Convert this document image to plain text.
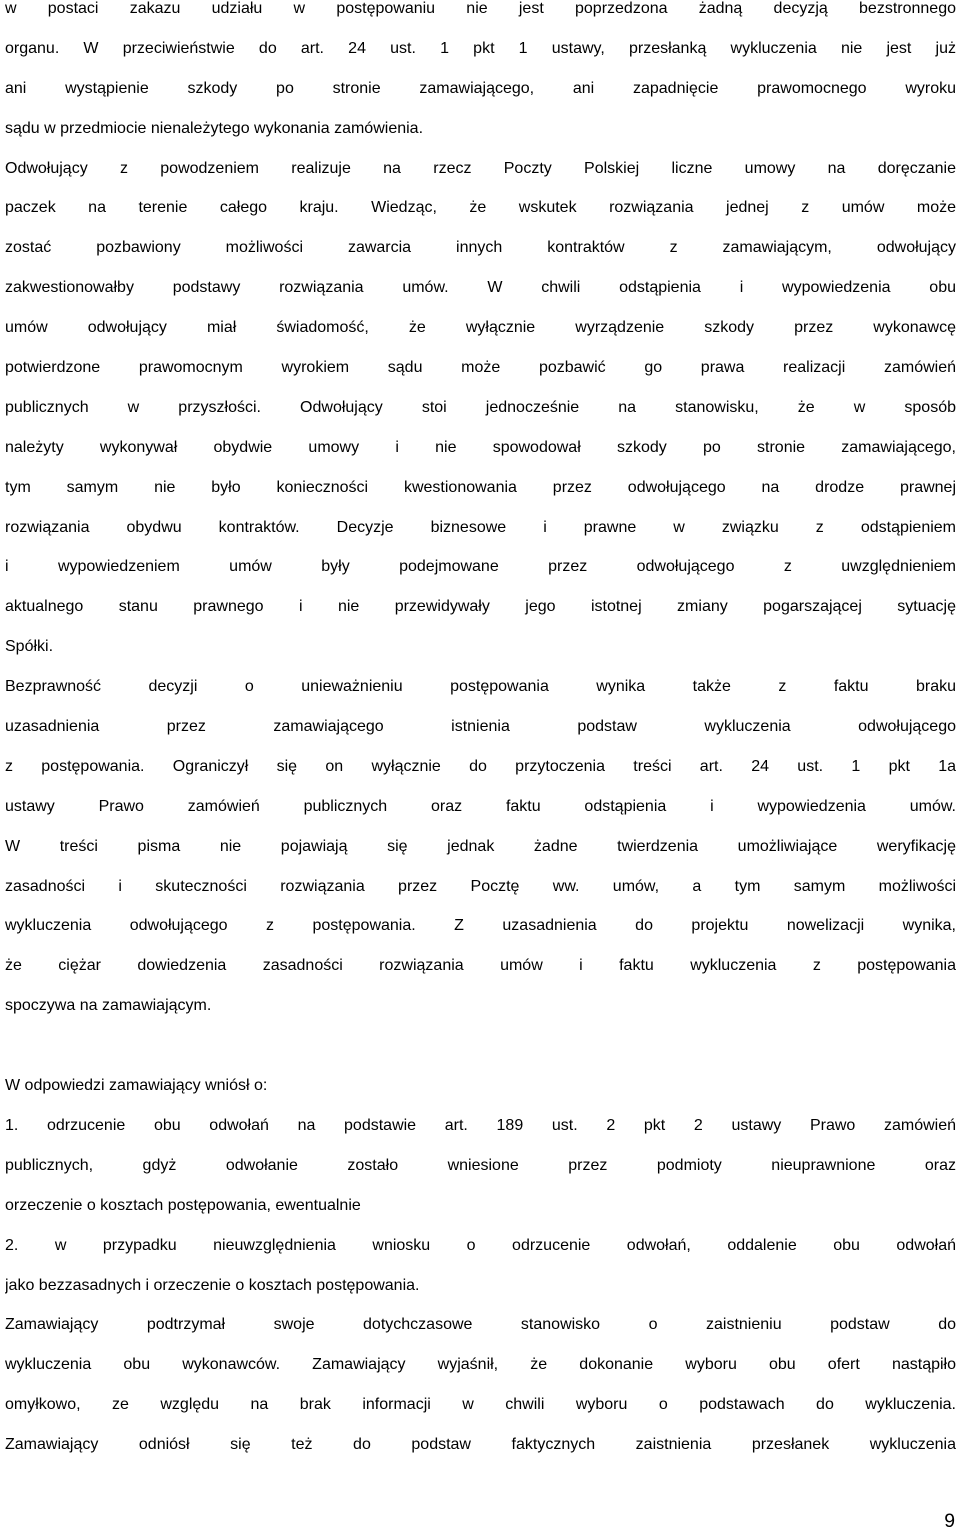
w postaci zakazu udziału w postępowaniu nie jest poprzedzona żadną decyzją bezstronnego
organu. W przeciwieństwie do art. 24 ust. 1 pkt 1 ustawy, przesłanką wykluczenia nie jest już
ani wystąpienie szkody po stronie zamawiającego, ani zapadnięcie prawomocnego wyroku
sądu w przedmiocie nienależytego wykonania zamówienia.
Odwołujący z powodzeniem realizuje na rzecz Poczty Polskiej liczne umowy na doręczanie
paczek na terenie całego kraju. Wiedząc, że wskutek rozwiązania jednej z umów może
zostać pozbawiony możliwości zawarcia innych kontraktów z zamawiającym, odwołujący
zakwestionowałby podstawy rozwiązania umów. W chwili odstąpienia i wypowiedzenia obu
umów odwołujący miał świadomość, że wyłącznie wyrządzenie szkody przez wykonawcę
potwierdzone prawomocnym wyrokiem sądu może pozbawić go prawa realizacji zamówień
publicznych w przyszłości. Odwołujący stoi jednocześnie na stanowisku, że w sposób
należyty wykonywał obydwie umowy i nie spowodował szkody po stronie zamawiającego,
tym samym nie było konieczności kwestionowania przez odwołującego na drodze prawnej
rozwiązania obydwu kontraktów. Decyzje biznesowe i prawne w związku z odstąpieniem
i wypowiedzeniem umów były podejmowane przez odwołującego z uwzględnieniem
aktualnego stanu prawnego i nie przewidywały jego istotnej zmiany pogarszającej sytuację
Spółki.
Bezprawność decyzji o unieważnieniu postępowania wynika także z faktu braku
uzasadnienia przez zamawiającego istnienia podstaw wykluczenia odwołującego
z postępowania. Ograniczył się on wyłącznie do przytoczenia treści art. 24 ust. 1 pkt 1a
ustawy Prawo zamówień publicznych oraz faktu odstąpienia i wypowiedzenia umów.
W treści pisma nie pojawiają się jednak żadne twierdzenia umożliwiające weryfikację
zasadności i skuteczności rozwiązania przez Pocztę ww. umów, a tym samym możliwości
wykluczenia odwołującego z postępowania. Z uzasadnienia do projektu nowelizacji wynika,
że ciężar dowiedzenia zasadności rozwiązania umów i faktu wykluczenia z postępowania
spoczywa na zamawiającym.
W odpowiedzi zamawiający wniósł o:
1. odrzucenie obu odwołań na podstawie art. 189 ust. 2 pkt 2 ustawy Prawo zamówień
publicznych, gdyż odwołanie zostało wniesione przez podmioty nieuprawnione oraz
orzeczenie o kosztach postępowania, ewentualnie
2. w przypadku nieuwzględnienia wniosku o odrzucenie odwołań, oddalenie obu odwołań
jako bezzasadnych i orzeczenie o kosztach postępowania.
Zamawiający podtrzymał swoje dotychczasowe stanowisko o zaistnieniu podstaw do
wykluczenia obu wykonawców. Zamawiający wyjaśnił, że dokonanie wyboru obu ofert nastąpiło
omyłkowo, ze względu na brak informacji w chwili wyboru o podstawach do wykluczenia.
Zamawiający odniósł się też do podstaw faktycznych zaistnienia przesłanek wykluczenia
9
